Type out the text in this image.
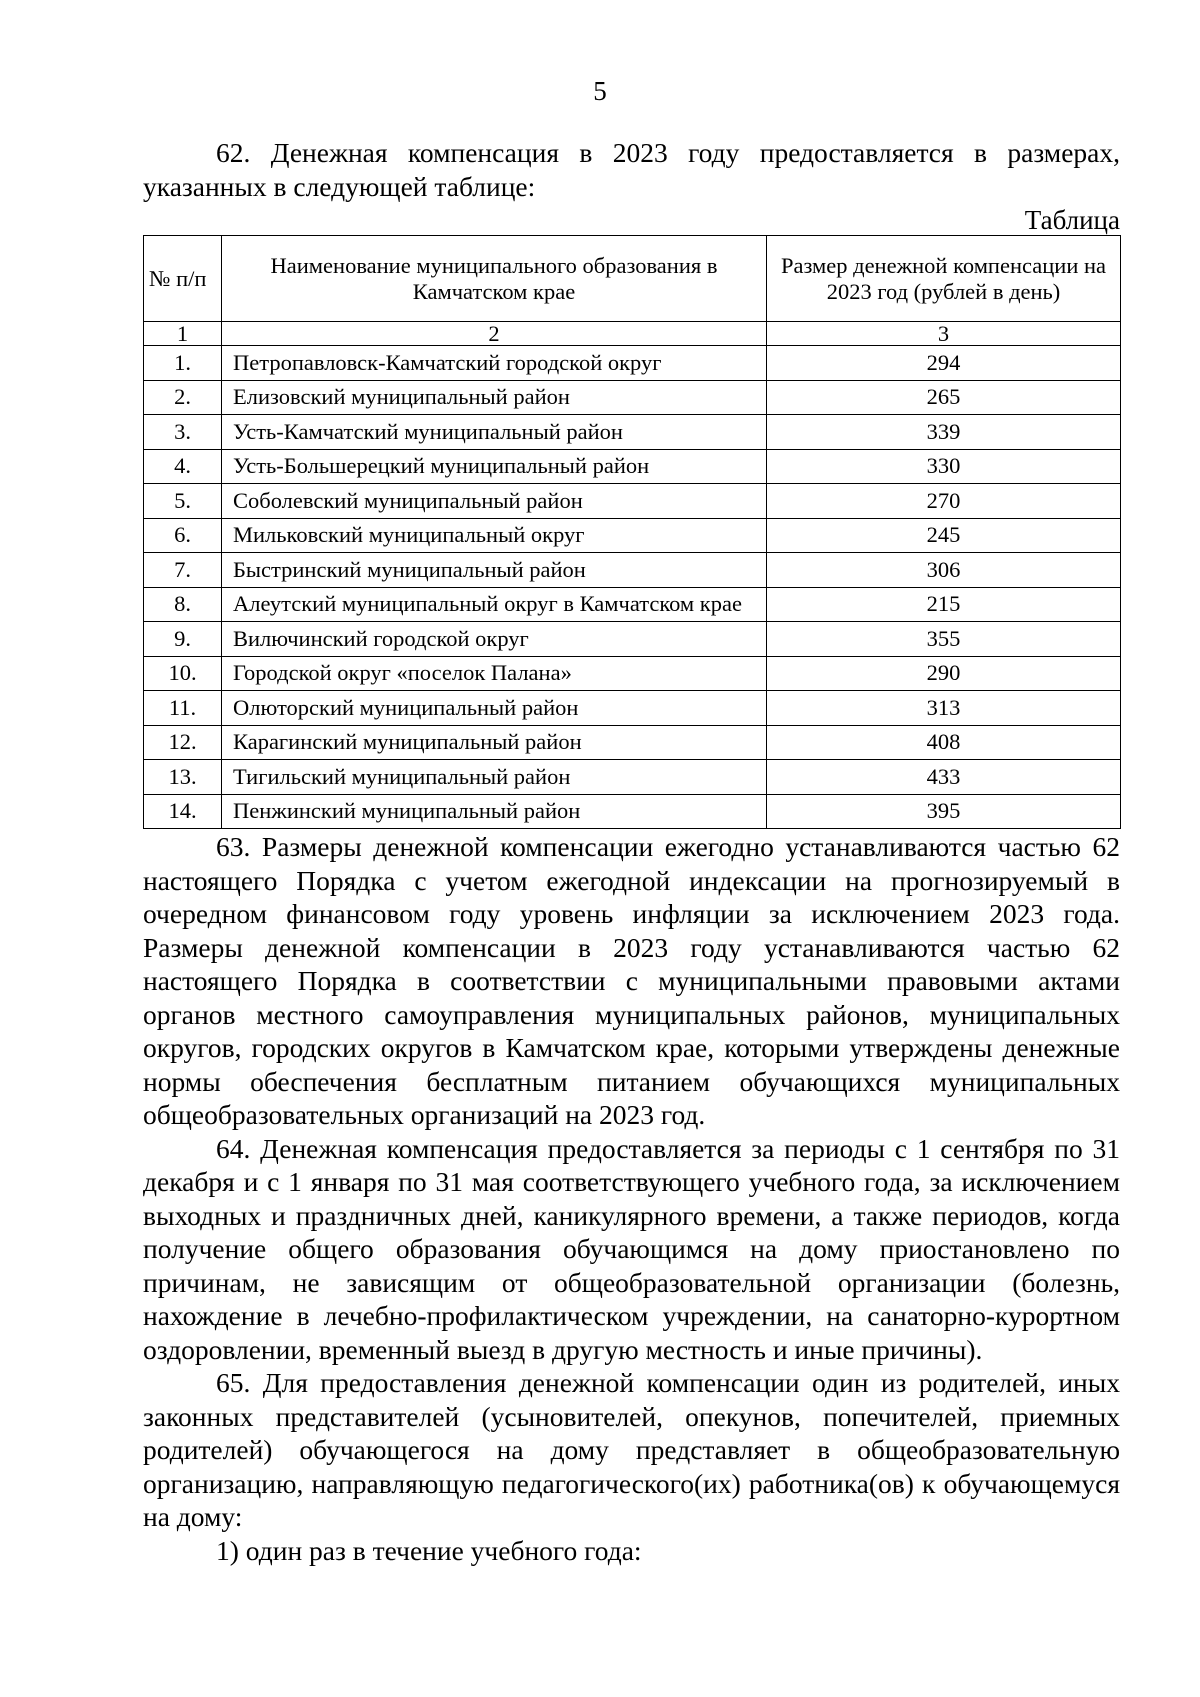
5

62. Денежная компенсация в 2023 году предоставляется в размерах, указанных в следующей таблице:

Таблица
№ п/п	Наименование муниципального образования в Камчатском крае	Размер денежной компенсации на 2023 год (рублей в день)
1	2	3
1.	Петропавловск-Камчатский городской округ	294
2.	Елизовский муниципальный район	265
3.	Усть-Камчатский муниципальный район	339
4.	Усть-Большерецкий муниципальный район	330
5.	Соболевский муниципальный район	270
6.	Мильковский муниципальный округ	245
7.	Быстринский муниципальный район	306
8.	Алеутский муниципальный округ в Камчатском крае	215
9.	Вилючинский городской округ	355
10.	Городской округ «поселок Палана»	290
11.	Олюторский муниципальный район	313
12.	Карагинский муниципальный район	408
13.	Тигильский муниципальный район	433
14.	Пенжинский муниципальный район	395

63. Размеры денежной компенсации ежегодно устанавливаются частью 62 настоящего Порядка с учетом ежегодной индексации на прогнозируемый в очередном финансовом году уровень инфляции за исключением 2023 года. Размеры денежной компенсации в 2023 году устанавливаются частью 62 настоящего Порядка в соответствии с муниципальными правовыми актами органов местного самоуправления муниципальных районов, муниципальных округов, городских округов в Камчатском крае, которыми утверждены денежные нормы обеспечения бесплатным питанием обучающихся муниципальных общеобразовательных организаций на 2023 год.

64. Денежная компенсация предоставляется за периоды с 1 сентября по 31 декабря и с 1 января по 31 мая соответствующего учебного года, за исключением выходных и праздничных дней, каникулярного времени, а также периодов, когда получение общего образования обучающимся на дому приостановлено по причинам, не зависящим от общеобразовательной организации (болезнь, нахождение в лечебно-профилактическом учреждении, на санаторно-курортном оздоровлении, временный выезд в другую местность и иные причины).

65. Для предоставления денежной компенсации один из родителей, иных законных представителей (усыновителей, опекунов, попечителей, приемных родителей) обучающегося на дому представляет в общеобразовательную организацию, направляющую педагогического(их) работника(ов) к обучающемуся на дому:

1) один раз в течение учебного года:
